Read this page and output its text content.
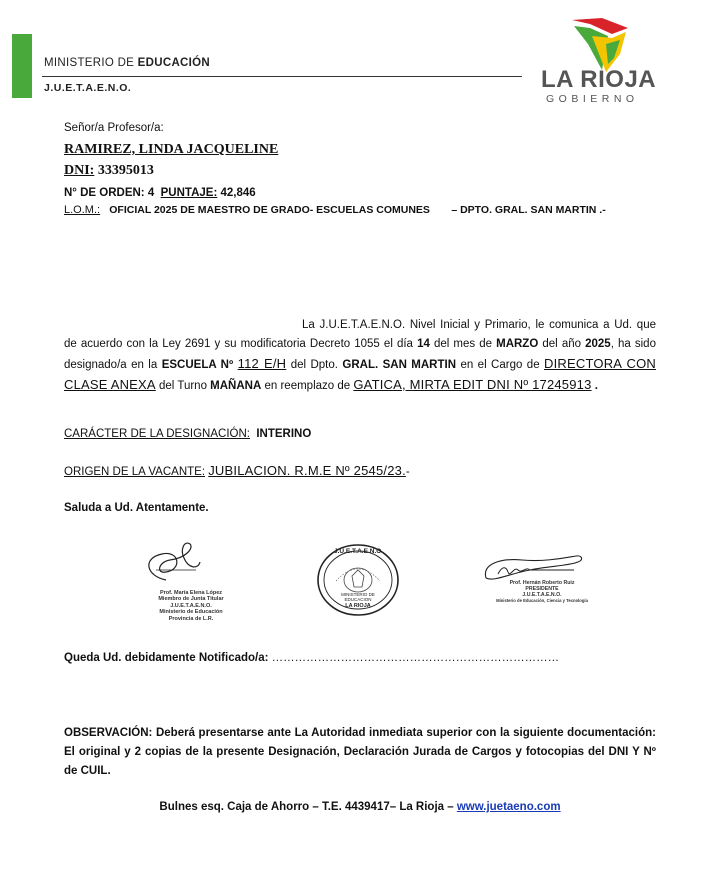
MINISTERIO DE EDUCACIÓN
J.U.E.T.A.E.N.O.	LA RIOJA
GOBIERNO
Señor/a Profesor/a:
RAMIREZ, LINDA JACQUELINE
DNI: 33395013
N° DE ORDEN: 4 PUNTAJE: 42,846
L.O.M.: OFICIAL 2025 DE MAESTRO DE GRADO- ESCUELAS COMUNES – DPTO. GRAL. SAN MARTIN .-
La J.U.E.T.A.E.N.O. Nivel Inicial y Primario, le comunica a Ud. que de acuerdo con la Ley 2691 y su modificatoria Decreto 1055 el día 14 del mes de MARZO del año 2025, ha sido designado/a en la ESCUELA Nº 112 E/H del Dpto. GRAL. SAN MARTIN en el Cargo de DIRECTORA CON CLASE ANEXA del Turno MAÑANA en reemplazo de GATICA, MIRTA EDIT DNI Nº 17245913 .
CARÁCTER DE LA DESIGNACIÓN: INTERINO
ORIGEN DE LA VACANTE: JUBILACION. R.M.E Nº 2545/23.-
Saluda a Ud. Atentamente.
Prof. María Elena López
Miembro de Junta Titular
J.U.E.T.A.E.N.O.
Ministerio de Educación
Provincia de L.R.
J.U.E.T.A.E.N.O.
MINISTERIO DE EDUCACION
LA RIOJA
Prof. Hernán Roberto Ruiz
PRESIDENTE
J.U.E.T.A.E.N.O.
Ministerio de Educación, Ciencia y Tecnología
Queda Ud. debidamente Notificado/a: …………………………………………………………………
OBSERVACIÓN: Deberá presentarse ante La Autoridad inmediata superior con la siguiente documentación: El original y 2 copias de la presente Designación, Declaración Jurada de Cargos y fotocopias del DNI Y Nº de CUIL.
Bulnes esq. Caja de Ahorro – T.E. 4439417– La Rioja – www.juetaeno.com
